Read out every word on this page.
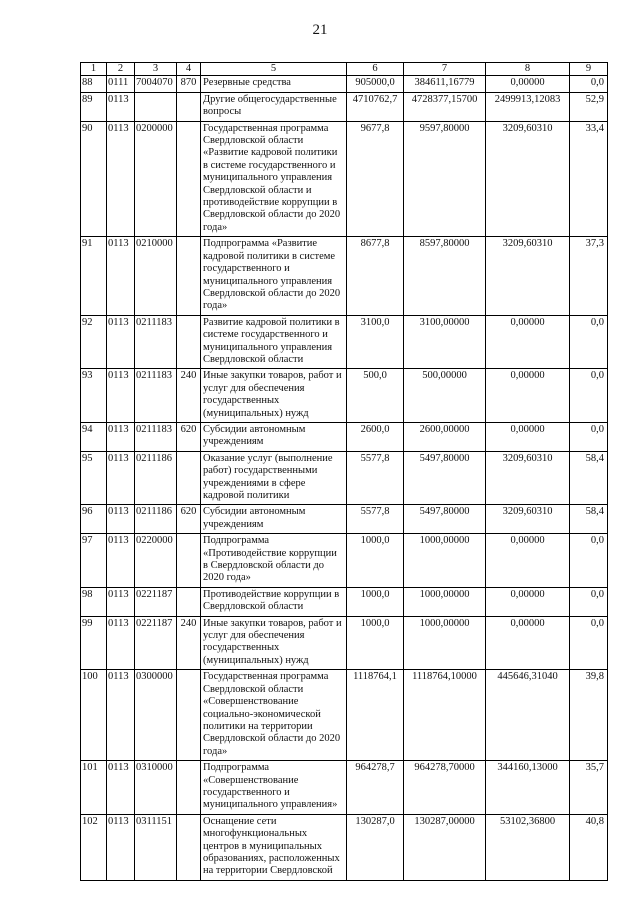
21
1	2	3	4	5	6	7	8	9
88	0111	7004070	870	Резервные средства	905000,0	384611,16779	0,00000	0,0
89	0113			Другие общегосударственные вопросы	4710762,7	4728377,15700	2499913,12083	52,9
90	0113	0200000		Государственная программа Свердловской области «Развитие кадровой политики в системе государственного и муниципального управления Свердловской области и противодействие коррупции в Свердловской области до 2020 года»	9677,8	9597,80000	3209,60310	33,4
91	0113	0210000		Подпрограмма «Развитие кадровой политики в системе государственного и муниципального управления Свердловской области до 2020 года»	8677,8	8597,80000	3209,60310	37,3
92	0113	0211183		Развитие кадровой политики в системе государственного и муниципального управления Свердловской области	3100,0	3100,00000	0,00000	0,0
93	0113	0211183	240	Иные закупки товаров, работ и услуг для обеспечения государственных (муниципальных) нужд	500,0	500,00000	0,00000	0,0
94	0113	0211183	620	Субсидии автономным учреждениям	2600,0	2600,00000	0,00000	0,0
95	0113	0211186		Оказание услуг (выполнение работ) государственными учреждениями в сфере кадровой политики	5577,8	5497,80000	3209,60310	58,4
96	0113	0211186	620	Субсидии автономным учреждениям	5577,8	5497,80000	3209,60310	58,4
97	0113	0220000		Подпрограмма «Противодействие коррупции в Свердловской области до 2020 года»	1000,0	1000,00000	0,00000	0,0
98	0113	0221187		Противодействие коррупции в Свердловской области	1000,0	1000,00000	0,00000	0,0
99	0113	0221187	240	Иные закупки товаров, работ и услуг для обеспечения государственных (муниципальных) нужд	1000,0	1000,00000	0,00000	0,0
100	0113	0300000		Государственная программа Свердловской области «Совершенствование социально-экономической политики на территории Свердловской области до 2020 года»	1118764,1	1118764,10000	445646,31040	39,8
101	0113	0310000		Подпрограмма «Совершенствование государственного и муниципального управления»	964278,7	964278,70000	344160,13000	35,7
102	0113	0311151		Оснащение сети многофункциональных центров в муниципальных образованиях, расположенных на территории Свердловской	130287,0	130287,00000	53102,36800	40,8
